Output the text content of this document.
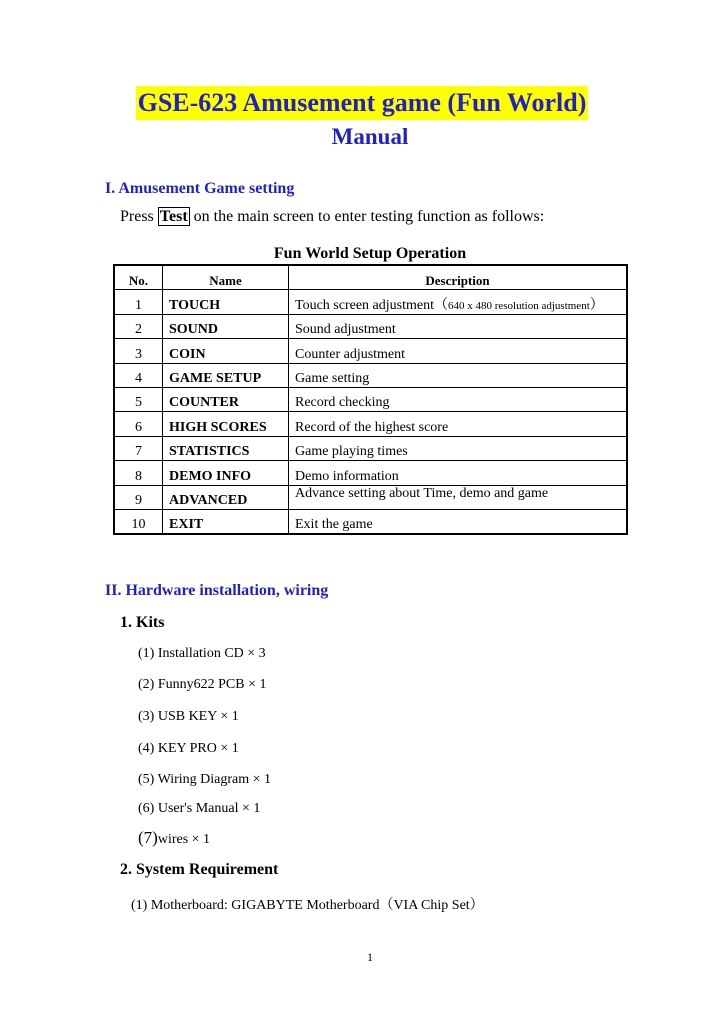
GSE-623 Amusement game (Fun World)
Manual
I. Amusement Game setting
Press Test on the main screen to enter testing function as follows:
Fun World Setup Operation
No.	Name	Description
1	TOUCH	Touch screen adjustment（640 x 480 resolution adjustment）
2	SOUND	Sound adjustment
3	COIN	Counter adjustment
4	GAME SETUP	Game setting
5	COUNTER	Record checking
6	HIGH SCORES	Record of the highest score
7	STATISTICS	Game playing times
8	DEMO INFO	Demo information
9	ADVANCED	Advance setting about Time, demo and game
10	EXIT	Exit the game
II. Hardware installation, wiring
1. Kits
(1) Installation CD × 3
(2) Funny622 PCB × 1
(3) USB KEY × 1
(4) KEY PRO × 1
(5) Wiring Diagram × 1
(6) User's Manual × 1
(7)wires × 1
2. System Requirement
(1) Motherboard: GIGABYTE Motherboard（VIA Chip Set）
1
